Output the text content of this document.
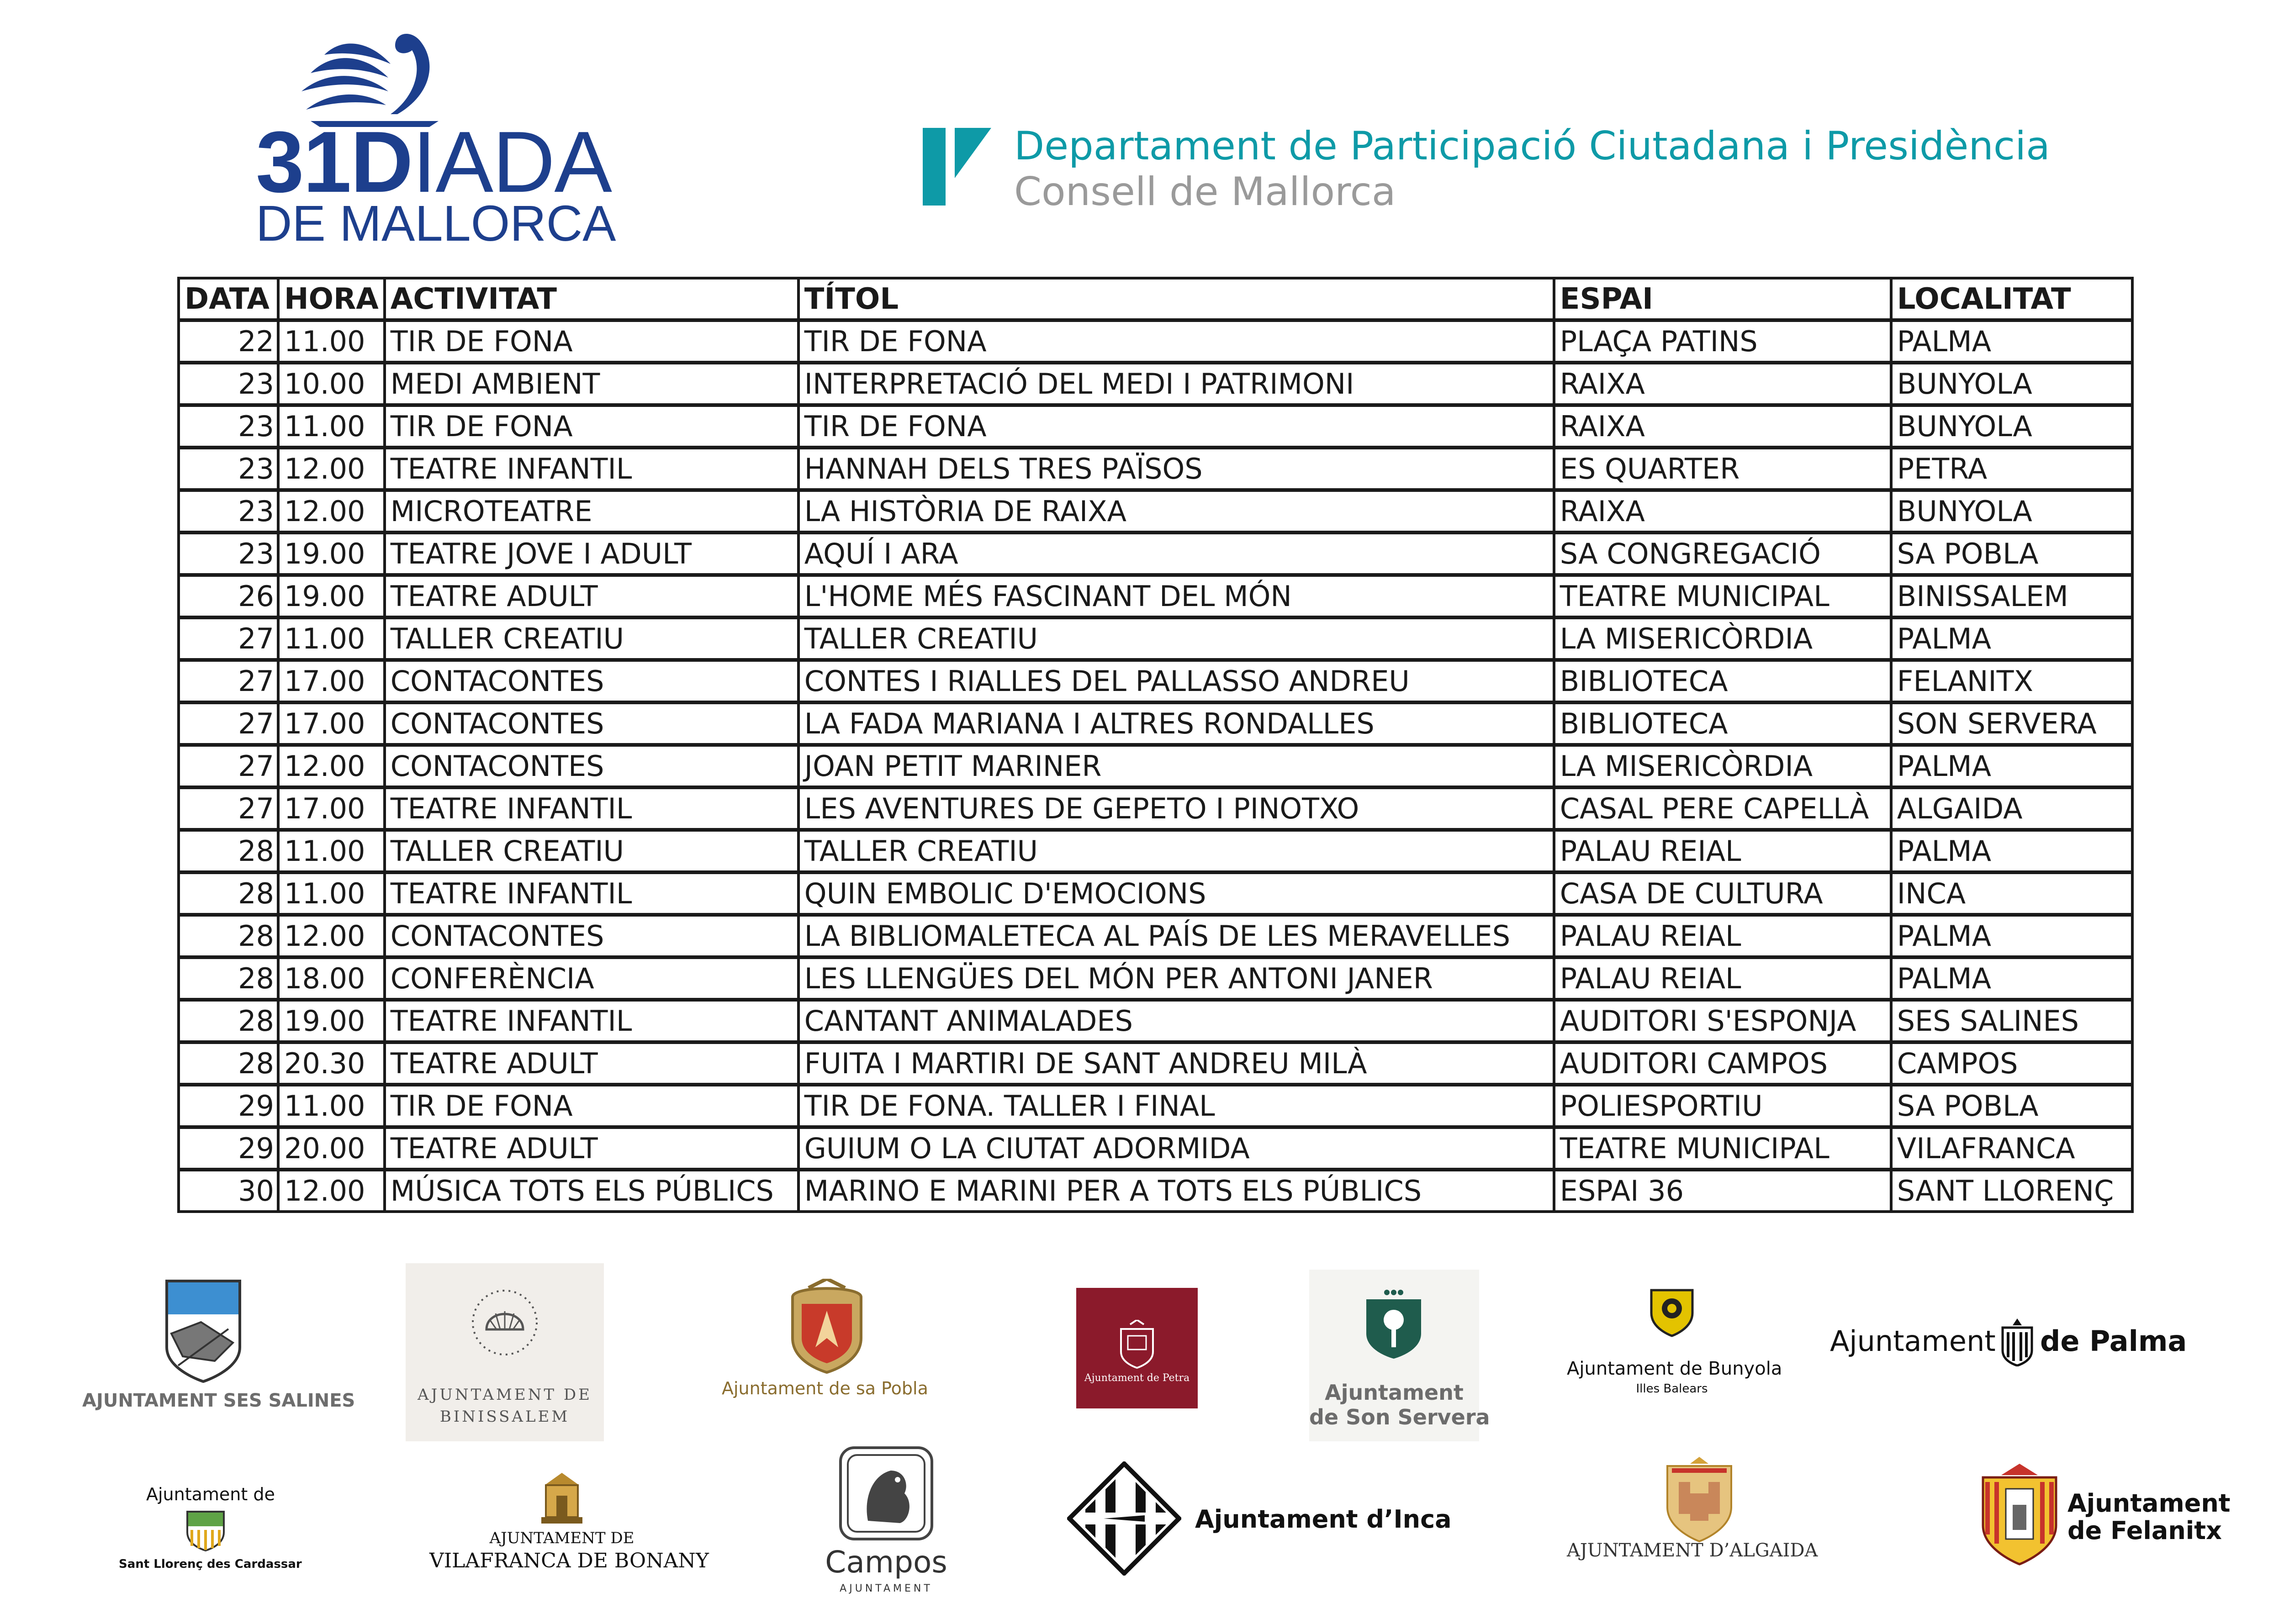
31DIADA
DE MALLORCA
Departament de Participació Ciutadana i Presidència
Consell de Mallorca
DATA	HORA	ACTIVITAT	TÍTOL	ESPAI	LOCALITAT
22	11.00	TIR DE FONA	TIR DE FONA	PLAÇA PATINS	PALMA
23	10.00	MEDI AMBIENT	INTERPRETACIÓ DEL MEDI I PATRIMONI	RAIXA	BUNYOLA
23	11.00	TIR DE FONA	TIR DE FONA	RAIXA	BUNYOLA
23	12.00	TEATRE INFANTIL	HANNAH DELS TRES PAÏSOS	ES QUARTER	PETRA
23	12.00	MICROTEATRE	LA HISTÒRIA DE RAIXA	RAIXA	BUNYOLA
23	19.00	TEATRE JOVE I ADULT	AQUÍ I ARA	SA CONGREGACIÓ	SA POBLA
26	19.00	TEATRE ADULT	L'HOME MÉS FASCINANT DEL MÓN	TEATRE MUNICIPAL	BINISSALEM
27	11.00	TALLER CREATIU	TALLER CREATIU	LA MISERICÒRDIA	PALMA
27	17.00	CONTACONTES	CONTES I RIALLES DEL PALLASSO ANDREU	BIBLIOTECA	FELANITX
27	17.00	CONTACONTES	LA FADA MARIANA I ALTRES RONDALLES	BIBLIOTECA	SON SERVERA
27	12.00	CONTACONTES	JOAN PETIT MARINER	LA MISERICÒRDIA	PALMA
27	17.00	TEATRE INFANTIL	LES AVENTURES DE GEPETO I PINOTXO	CASAL PERE CAPELLÀ	ALGAIDA
28	11.00	TALLER CREATIU	TALLER CREATIU	PALAU REIAL	PALMA
28	11.00	TEATRE INFANTIL	QUIN EMBOLIC D'EMOCIONS	CASA DE CULTURA	INCA
28	12.00	CONTACONTES	LA BIBLIOMALETECA AL PAÍS DE LES MERAVELLES	PALAU REIAL	PALMA
28	18.00	CONFERÈNCIA	LES LLENGÜES DEL MÓN PER ANTONI JANER	PALAU REIAL	PALMA
28	19.00	TEATRE INFANTIL	CANTANT ANIMALADES	AUDITORI S'ESPONJA	SES SALINES
28	20.30	TEATRE ADULT	FUITA I MARTIRI DE SANT ANDREU MILÀ	AUDITORI CAMPOS	CAMPOS
29	11.00	TIR DE FONA	TIR DE FONA. TALLER I FINAL	POLIESPORTIU	SA POBLA
29	20.00	TEATRE ADULT	GUIUM O LA CIUTAT ADORMIDA	TEATRE MUNICIPAL	VILAFRANCA
30	12.00	MÚSICA TOTS ELS PÚBLICS	MARINO E MARINI PER A TOTS ELS PÚBLICS	ESPAI 36	SANT LLORENÇ
AJUNTAMENT SES SALINES	AJUNTAMENT DE
BINISSALEM
Ajuntament de sa Pobla
Ajuntament de Petra
Ajuntament
de Son Servera
Ajuntament de Bunyola
Illes Balears
Ajuntament de Palma
Ajuntament de
Sant Llorenç des Cardassar
AJUNTAMENT DE
VILAFRANCA DE BONANY	Campos
AJUNTAMENT
Ajuntament d’Inca
AJUNTAMENT D’ALGAIDA
Ajuntament
de Felanitx
